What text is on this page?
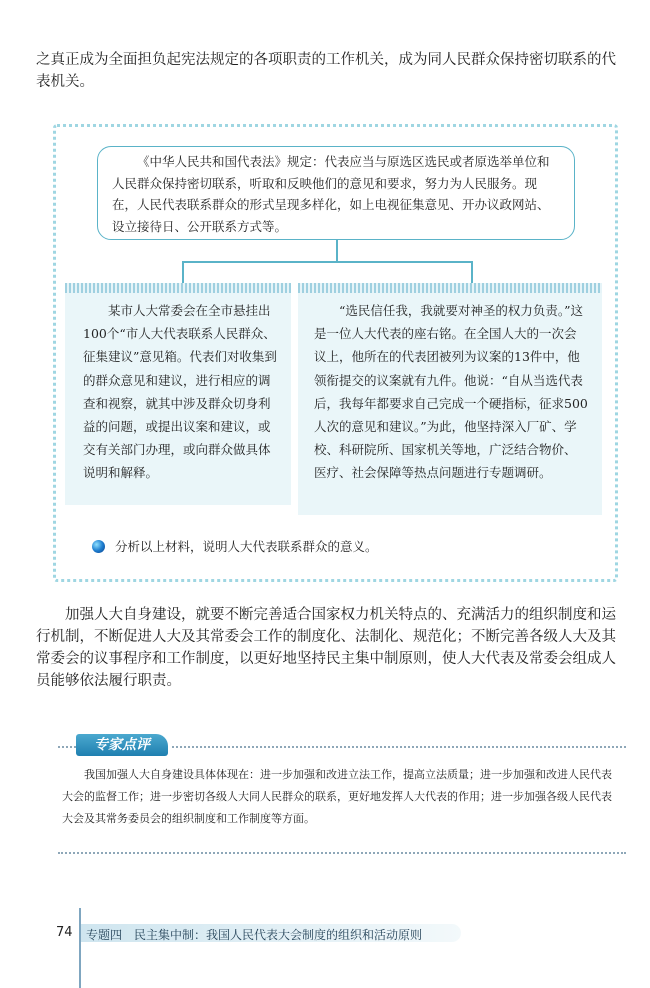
之真正成为全面担负起宪法规定的各项职责的工作机关，成为同人民群众保持密切联系的代表机关。
《中华人民共和国代表法》规定：代表应当与原选区选民或者原选举单位和人民群众保持密切联系，听取和反映他们的意见和要求，努力为人民服务。现在，人民代表联系群众的形式呈现多样化，如上电视征集意见、开办议政网站、设立接待日、公开联系方式等。
某市人大常委会在全市悬挂出100个“市人大代表联系人民群众、征集建议”意见箱。代表们对收集到的群众意见和建议，进行相应的调查和视察，就其中涉及群众切身利益的问题，或提出议案和建议，或交有关部门办理，或向群众做具体说明和解释。
“选民信任我，我就要对神圣的权力负责。”这是一位人大代表的座右铭。在全国人大的一次会议上，他所在的代表团被列为议案的13件中，他领衔提交的议案就有九件。他说：“自从当选代表后，我每年都要求自己完成一个硬指标，征求500人次的意见和建议。”为此，他坚持深入厂矿、学校、科研院所、国家机关等地，广泛结合物价、医疗、社会保障等热点问题进行专题调研。
分析以上材料，说明人大代表联系群众的意义。
加强人大自身建设，就要不断完善适合国家权力机关特点的、充满活力的组织制度和运行机制，不断促进人大及其常委会工作的制度化、法制化、规范化；不断完善各级人大及其常委会的议事程序和工作制度，以更好地坚持民主集中制原则，使人大代表及常委会组成人员能够依法履行职责。
专家点评
我国加强人大自身建设具体体现在：进一步加强和改进立法工作，提高立法质量；进一步加强和改进人民代表大会的监督工作；进一步密切各级人大同人民群众的联系，更好地发挥人大代表的作用；进一步加强各级人民代表大会及其常务委员会的组织制度和工作制度等方面。
74 专题四　民主集中制：我国人民代表大会制度的组织和活动原则
